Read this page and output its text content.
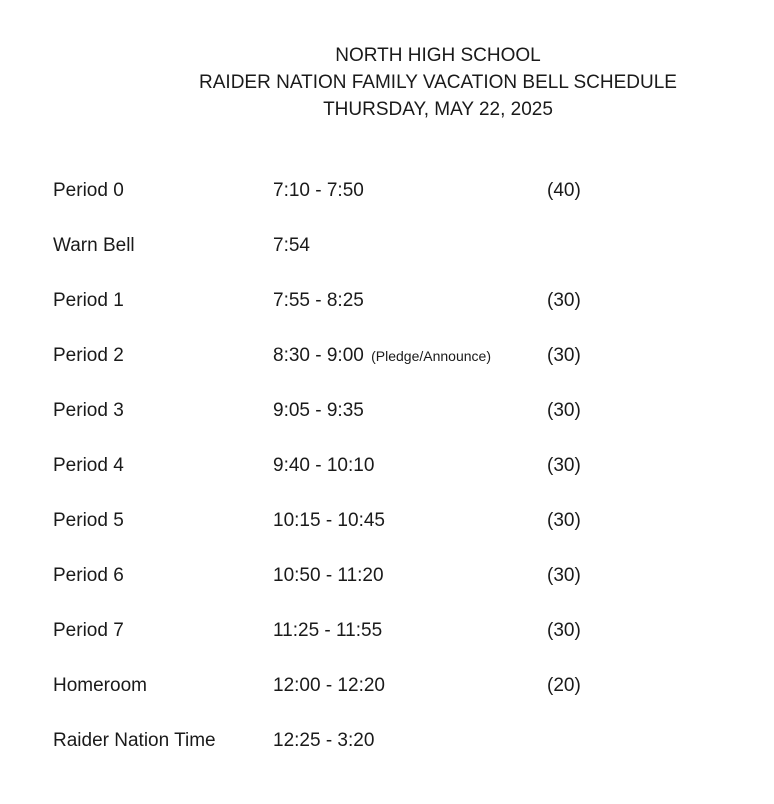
NORTH HIGH SCHOOL
RAIDER NATION FAMILY VACATION BELL SCHEDULE
THURSDAY, MAY 22, 2025
Period 0	7:10 - 7:50	(40)
Warn Bell	7:54
Period 1	7:55 - 8:25	(30)
Period 2	8:30 - 9:00 (Pledge/Announce)	(30)
Period 3	9:05 - 9:35	(30)
Period 4	9:40 - 10:10	(30)
Period 5	10:15 - 10:45	(30)
Period 6	10:50 - 11:20	(30)
Period 7	11:25 - 11:55	(30)
Homeroom	12:00 - 12:20	(20)
Raider Nation Time	12:25 - 3:20
